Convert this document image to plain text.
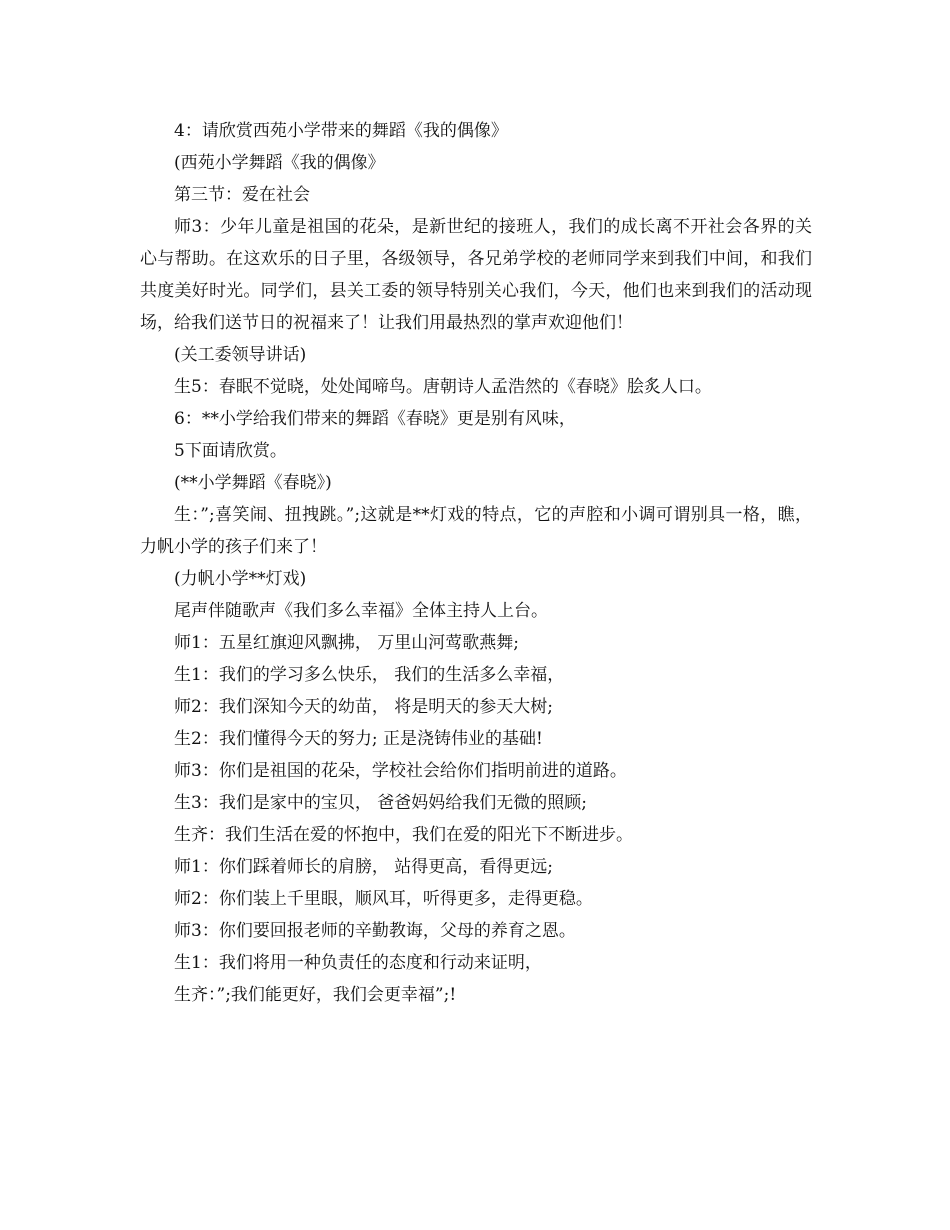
4：请欣赏西苑小学带来的舞蹈《我的偶像》

(西苑小学舞蹈《我的偶像》

第三节：爱在社会

师3：少年儿童是祖国的花朵，是新世纪的接班人，我们的成长离不开社会各界的关心与帮助。在这欢乐的日子里，各级领导，各兄弟学校的老师同学来到我们中间，和我们共度美好时光。同学们，县关工委的领导特别关心我们，今天，他们也来到我们的活动现场，给我们送节日的祝福来了！让我们用最热烈的掌声欢迎他们！

(关工委领导讲话)

生5：春眠不觉晓，处处闻啼鸟。唐朝诗人孟浩然的《春晓》脍炙人口。

6：**小学给我们带来的舞蹈《春晓》更是别有风味，

5下面请欣赏。

(**小学舞蹈《春晓》)

生：”;喜笑闹、扭拽跳。”;这就是**灯戏的特点，它的声腔和小调可谓别具一格，瞧，力帆小学的孩子们来了！

(力帆小学**灯戏)

尾声伴随歌声《我们多么幸福》全体主持人上台。

师1：五星红旗迎风飘拂， 万里山河莺歌燕舞;

生1：我们的学习多么快乐， 我们的生活多么幸福，

师2：我们深知今天的幼苗， 将是明天的参天大树;

生2：我们懂得今天的努力; 正是浇铸伟业的基础!

师3：你们是祖国的花朵，学校社会给你们指明前进的道路。

生3：我们是家中的宝贝， 爸爸妈妈给我们无微的照顾;

生齐：我们生活在爱的怀抱中，我们在爱的阳光下不断进步。

师1：你们踩着师长的肩膀， 站得更高，看得更远;

师2：你们装上千里眼，顺风耳，听得更多，走得更稳。

师3：你们要回报老师的辛勤教诲，父母的养育之恩。

生1：我们将用一种负责任的态度和行动来证明，

生齐：”;我们能更好，我们会更幸福”;!
